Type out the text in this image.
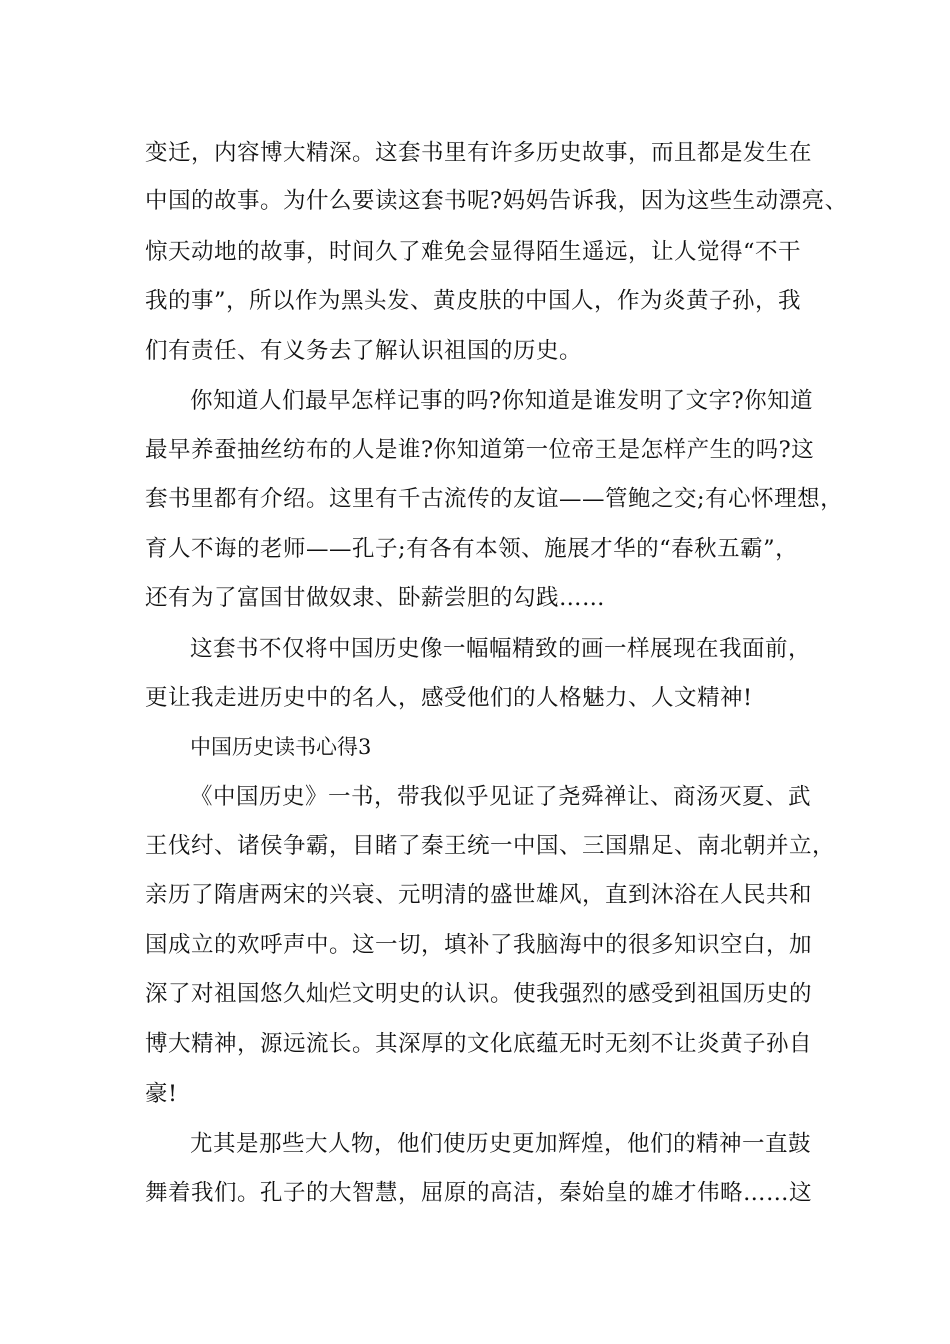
变迁，内容博大精深。这套书里有许多历史故事，而且都是发生在
中国的故事。为什么要读这套书呢?妈妈告诉我，因为这些生动漂亮、
惊天动地的故事，时间久了难免会显得陌生遥远，让人觉得“不干
我的事”，所以作为黑头发、黄皮肤的中国人，作为炎黄子孙，我
们有责任、有义务去了解认识祖国的历史。
你知道人们最早怎样记事的吗?你知道是谁发明了文字?你知道
最早养蚕抽丝纺布的人是谁?你知道第一位帝王是怎样产生的吗?这
套书里都有介绍。这里有千古流传的友谊——管鲍之交;有心怀理想，
育人不诲的老师——孔子;有各有本领、施展才华的“春秋五霸”，
还有为了富国甘做奴隶、卧薪尝胆的勾践……
这套书不仅将中国历史像一幅幅精致的画一样展现在我面前，
更让我走进历史中的名人，感受他们的人格魅力、人文精神!
中国历史读书心得3
《中国历史》一书，带我似乎见证了尧舜禅让、商汤灭夏、武
王伐纣、诸侯争霸，目睹了秦王统一中国、三国鼎足、南北朝并立，
亲历了隋唐两宋的兴衰、元明清的盛世雄风，直到沐浴在人民共和
国成立的欢呼声中。这一切，填补了我脑海中的很多知识空白，加
深了对祖国悠久灿烂文明史的认识。使我强烈的感受到祖国历史的
博大精神，源远流长。其深厚的文化底蕴无时无刻不让炎黄子孙自
豪!
尤其是那些大人物，他们使历史更加辉煌，他们的精神一直鼓
舞着我们。孔子的大智慧，屈原的高洁，秦始皇的雄才伟略……这
